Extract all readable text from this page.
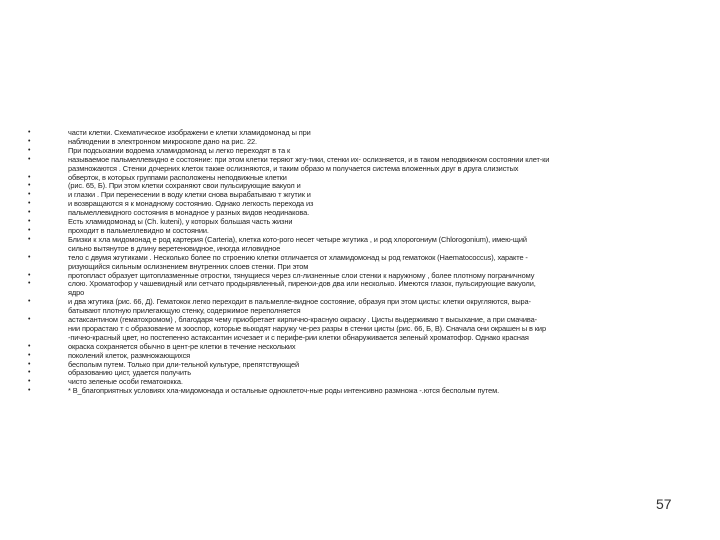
•	части клетки. Схематическое изображени е клетки хламидомонад ы при
•	наблюдении в электронном микроскопе дано на рис. 22.
•	При подсыхании водоема хламидомонад ы легко переходят в та к
•	называемое пальмеллевидно е состояние: при этом клетки теряют жгу-тики, стенки их- ослизняется, и в таком неподвижном состоянии клет-ки
размножаются . Стенки дочерних клеток также ослизняются, и таким образо м получается система вложенных друг в друга слизистых
•	обверток, в которых группами расположены неподвижные клетки
•	(рис. 65, Б). При этом клетки сохраняют свои пульсирующие вакуол и
•	и глазки . При перенесении в воду клетки снова вырабатываю т жгутик и
•	и возвращаются я к монадному состоянию. Однако легкость перехода из
•	пальмеллевидного состояния в монадное у разных видов неодинакова.
•	Есть хламидомонад ы (Ch. kuteni), у которых большая часть жизни
•	проходит в пальмеллевидно м состоянии.
•	Близки к хла мидомонад е род картерия (Carteria), клетка кото-рого несет четыре жгутика , и род хлорогониум (Chlorogonium), имею-щий
сильно вытянутое в длину веретеновидное, иногда игловидное
•	тело с двумя жгутиками . Несколько более по строению клетки отличается от хламидомонад ы род гематокок (Haematococcus), характе -
ризующийся сильным ослизнением внутренних слоев стенки. При этом
•	протопласт образует щитоплазменные отростки, тянущиеся через сл-лизненные слои стенки к наружному , более плотному пограничному
•	слою. Хроматофор у чашевидный или сетчато продырявленный, пиренои-дов два или несколько. Имеются глазок, пульсирующие вакуоли,
ядро
•	и два жгутика (рис. 66, Д). Гематокок легко переходит в пальмелле-видное состояние, образуя при этом цисты: клетки округляются, выра-
батывают плотную прилегающую стенку, содержимое переполняется
•	астаксантином (гематохромом) , благодаря чему приобретает кирпично-красную окраску . Цисты выдерживаю т высыхание, а при смачива-
нии прорастаю т с образование м зооспор, которые выходят наружу че-рез разры в стенки цисты (рис. 66, Б, В). Сначала они окрашен ы в кир
-пично-красный цвет, но постепенно астаксантин исчезает и с перифе-рии клетки обнаруживается зеленый хроматофор. Однако красная
•	окраска сохраняется обычно в цент-ре клетки в течение нескольких
•	поколений клеток, размножающихся
•	бесполым путем. Только при дли-тельной культуре, препятствующей
•	образованию цист, удается получить
•	чисто зеленые особи гематококка.
•	* В_благоприятных условиях хла-мидомонада и остальные одноклеточ-ные роды интенсивно размножа -.ются бесполым путем.
57
